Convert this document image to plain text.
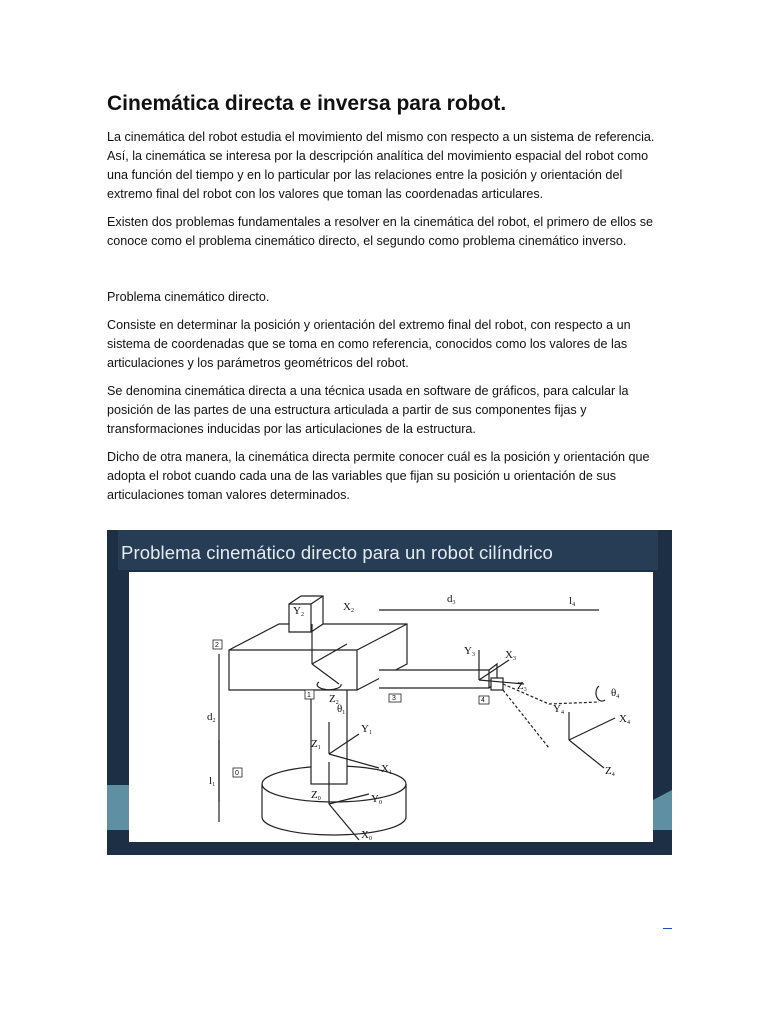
Cinemática directa e inversa para robot.

La cinemática del robot estudia el movimiento del mismo con respecto a un sistema de referencia. Así, la cinemática se interesa por la descripción analítica del movimiento espacial del robot como una función del tiempo y en lo particular por las relaciones entre la posición y orientación del extremo final del robot con los valores que toman las coordenadas articulares.

Existen dos problemas fundamentales a resolver en la cinemática del robot, el primero de ellos se conoce como el problema cinemático directo, el segundo como problema cinemático inverso.

Problema cinemático directo.

Consiste en determinar la posición y orientación del extremo final del robot, con respecto a un sistema de coordenadas que se toma en como referencia, conocidos como los valores de las articulaciones y los parámetros geométricos del robot.

Se denomina cinemática directa a una técnica usada en software de gráficos, para calcular la posición de las partes de una estructura articulada a partir de sus componentes fijas y transformaciones inducidas por las articulaciones de la estructura.

Dicho de otra manera, la cinemática directa permite conocer cuál es la posición y orientación que adopta el robot cuando cada una de las variables que fijan su posición u orientación de sus articulaciones toman valores determinados.

Problema cinemático directo para un robot cilíndrico
0
1
2
3	4
Y2
X2
Z2
d3	l4
Y3	X3
Z3	θ4
Y4	X4
Z4
d2
θ1
Z1
Y1
X1
l1
Z0	Y0
X0
